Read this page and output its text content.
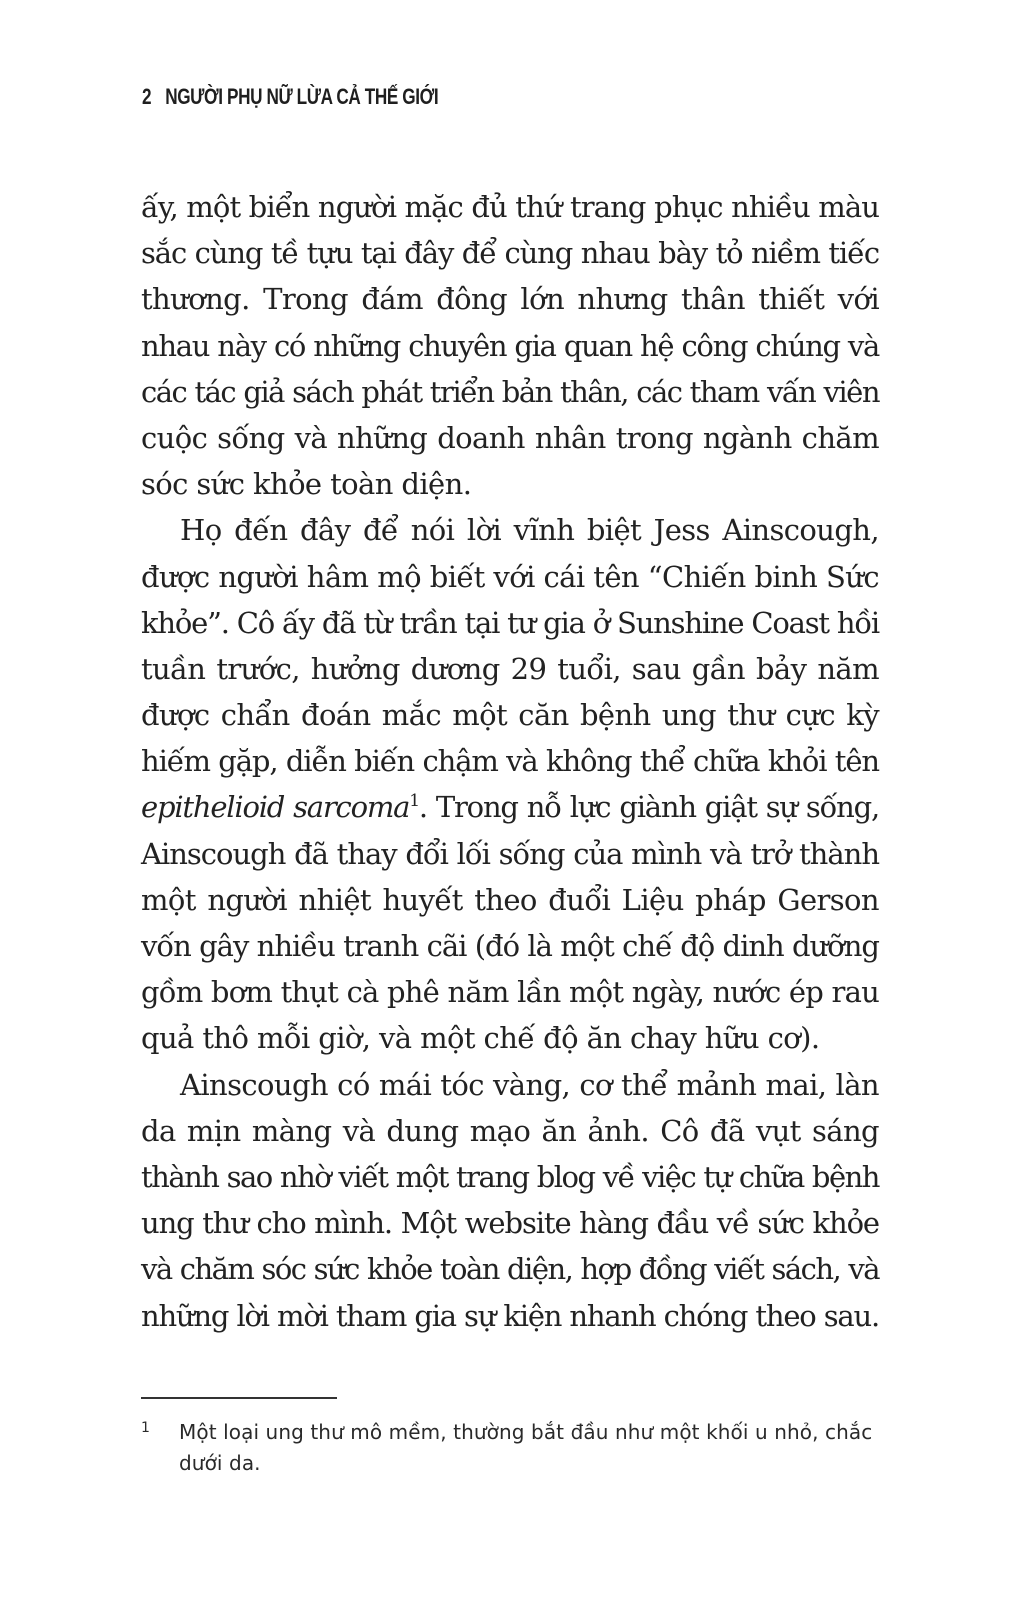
2 NGƯỜI PHỤ NỮ LỪA CẢ THẾ GIỚI
ấy, một biển người mặc đủ thứ trang phục nhiều màu
sắc cùng tề tựu tại đây để cùng nhau bày tỏ niềm tiếc
thương. Trong đám đông lớn nhưng thân thiết với
nhau này có những chuyên gia quan hệ công chúng và
các tác giả sách phát triển bản thân, các tham vấn viên
cuộc sống và những doanh nhân trong ngành chăm
sóc sức khỏe toàn diện.
Họ đến đây để nói lời vĩnh biệt Jess Ainscough,
được người hâm mộ biết với cái tên “Chiến binh Sức
khỏe”. Cô ấy đã từ trần tại tư gia ở Sunshine Coast hồi
tuần trước, hưởng dương 29 tuổi, sau gần bảy năm
được chẩn đoán mắc một căn bệnh ung thư cực kỳ
hiếm gặp, diễn biến chậm và không thể chữa khỏi tên
epithelioid sarcoma$^1$. Trong nỗ lực giành giật sự sống,
Ainscough đã thay đổi lối sống của mình và trở thành
một người nhiệt huyết theo đuổi Liệu pháp Gerson
vốn gây nhiều tranh cãi (đó là một chế độ dinh dưỡng
gồm bơm thụt cà phê năm lần một ngày, nước ép rau
quả thô mỗi giờ, và một chế độ ăn chay hữu cơ).
Ainscough có mái tóc vàng, cơ thể mảnh mai, làn
da mịn màng và dung mạo ăn ảnh. Cô đã vụt sáng
thành sao nhờ viết một trang blog về việc tự chữa bệnh
ung thư cho mình. Một website hàng đầu về sức khỏe
và chăm sóc sức khỏe toàn diện, hợp đồng viết sách, và
những lời mời tham gia sự kiện nhanh chóng theo sau.
1 Một loại ung thư mô mềm, thường bắt đầu như một khối u nhỏ, chắc dưới da.
